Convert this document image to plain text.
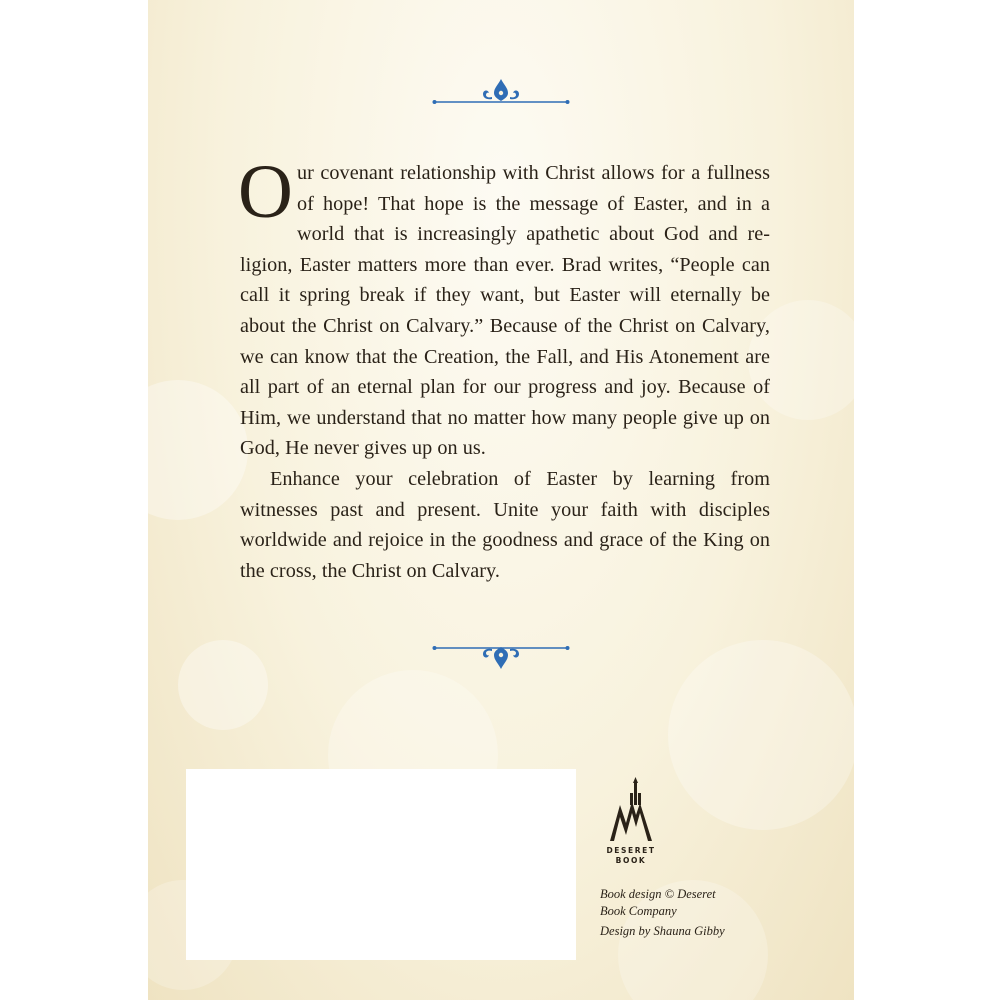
Our covenant relationship with Christ allows for a fullness of hope! That hope is the message of Easter, and in a world that is increasingly apathetic about God and religion, Easter matters more than ever. Brad writes, “People can call it spring break if they want, but Easter will eternally be about the Christ on Calvary.” Because of the Christ on Calvary, we can know that the Creation, the Fall, and His Atonement are all part of an eternal plan for our progress and joy. Because of Him, we understand that no matter how many people give up on God, He never gives up on us.

Enhance your celebration of Easter by learning from witnesses past and present. Unite your faith with disciples worldwide and rejoice in the goodness and grace of the King on the cross, the Christ on Calvary.

DESERET
BOOK
Book design © Deseret
Book Company
Design by Shauna Gibby
